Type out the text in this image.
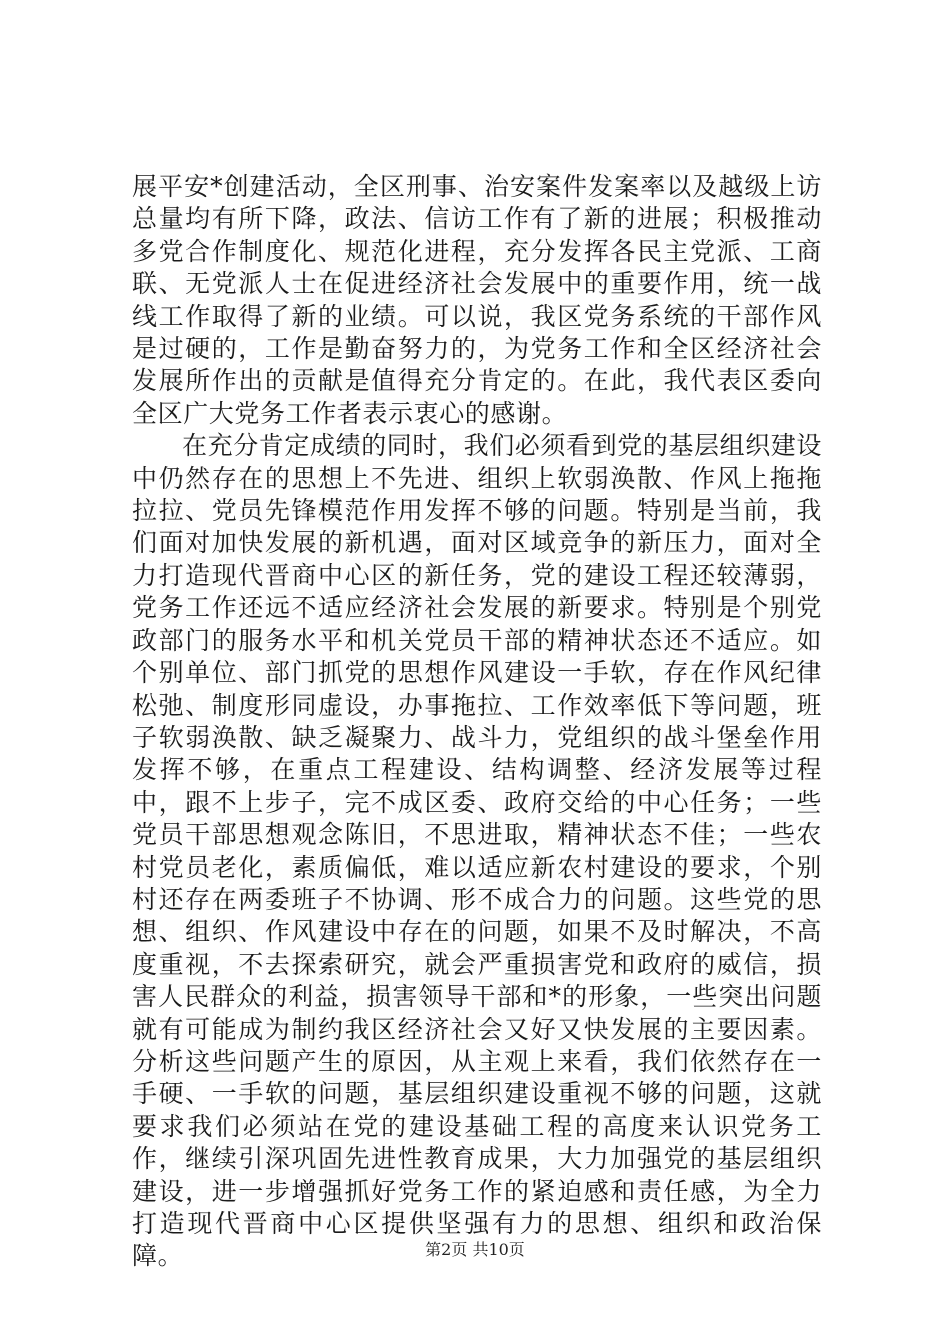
展平安*创建活动，全区刑事、治安案件发案率以及越级上访总量均有所下降，政法、信访工作有了新的进展；积极推动多党合作制度化、规范化进程，充分发挥各民主党派、工商联、无党派人士在促进经济社会发展中的重要作用，统一战线工作取得了新的业绩。可以说，我区党务系统的干部作风是过硬的，工作是勤奋努力的，为党务工作和全区经济社会发展所作出的贡献是值得充分肯定的。在此，我代表区委向全区广大党务工作者表示衷心的感谢。

在充分肯定成绩的同时，我们必须看到党的基层组织建设中仍然存在的思想上不先进、组织上软弱涣散、作风上拖拖拉拉、党员先锋模范作用发挥不够的问题。特别是当前，我们面对加快发展的新机遇，面对区域竞争的新压力，面对全力打造现代晋商中心区的新任务，党的建设工程还较薄弱，党务工作还远不适应经济社会发展的新要求。特别是个别党政部门的服务水平和机关党员干部的精神状态还不适应。如个别单位、部门抓党的思想作风建设一手软，存在作风纪律松弛、制度形同虚设，办事拖拉、工作效率低下等问题，班子软弱涣散、缺乏凝聚力、战斗力，党组织的战斗堡垒作用发挥不够，在重点工程建设、结构调整、经济发展等过程中，跟不上步子，完不成区委、政府交给的中心任务；一些党员干部思想观念陈旧，不思进取，精神状态不佳；一些农村党员老化，素质偏低，难以适应新农村建设的要求，个别村还存在两委班子不协调、形不成合力的问题。这些党的思想、组织、作风建设中存在的问题，如果不及时解决，不高度重视，不去探索研究，就会严重损害党和政府的威信，损害人民群众的利益，损害领导干部和*的形象，一些突出问题就有可能成为制约我区经济社会又好又快发展的主要因素。分析这些问题产生的原因，从主观上来看，我们依然存在一手硬、一手软的问题，基层组织建设重视不够的问题，这就要求我们必须站在党的建设基础工程的高度来认识党务工作，继续引深巩固先进性教育成果，大力加强党的基层组织建设，进一步增强抓好党务工作的紧迫感和责任感，为全力打造现代晋商中心区提供坚强有力的思想、组织和政治保障。	第2页 共10页
